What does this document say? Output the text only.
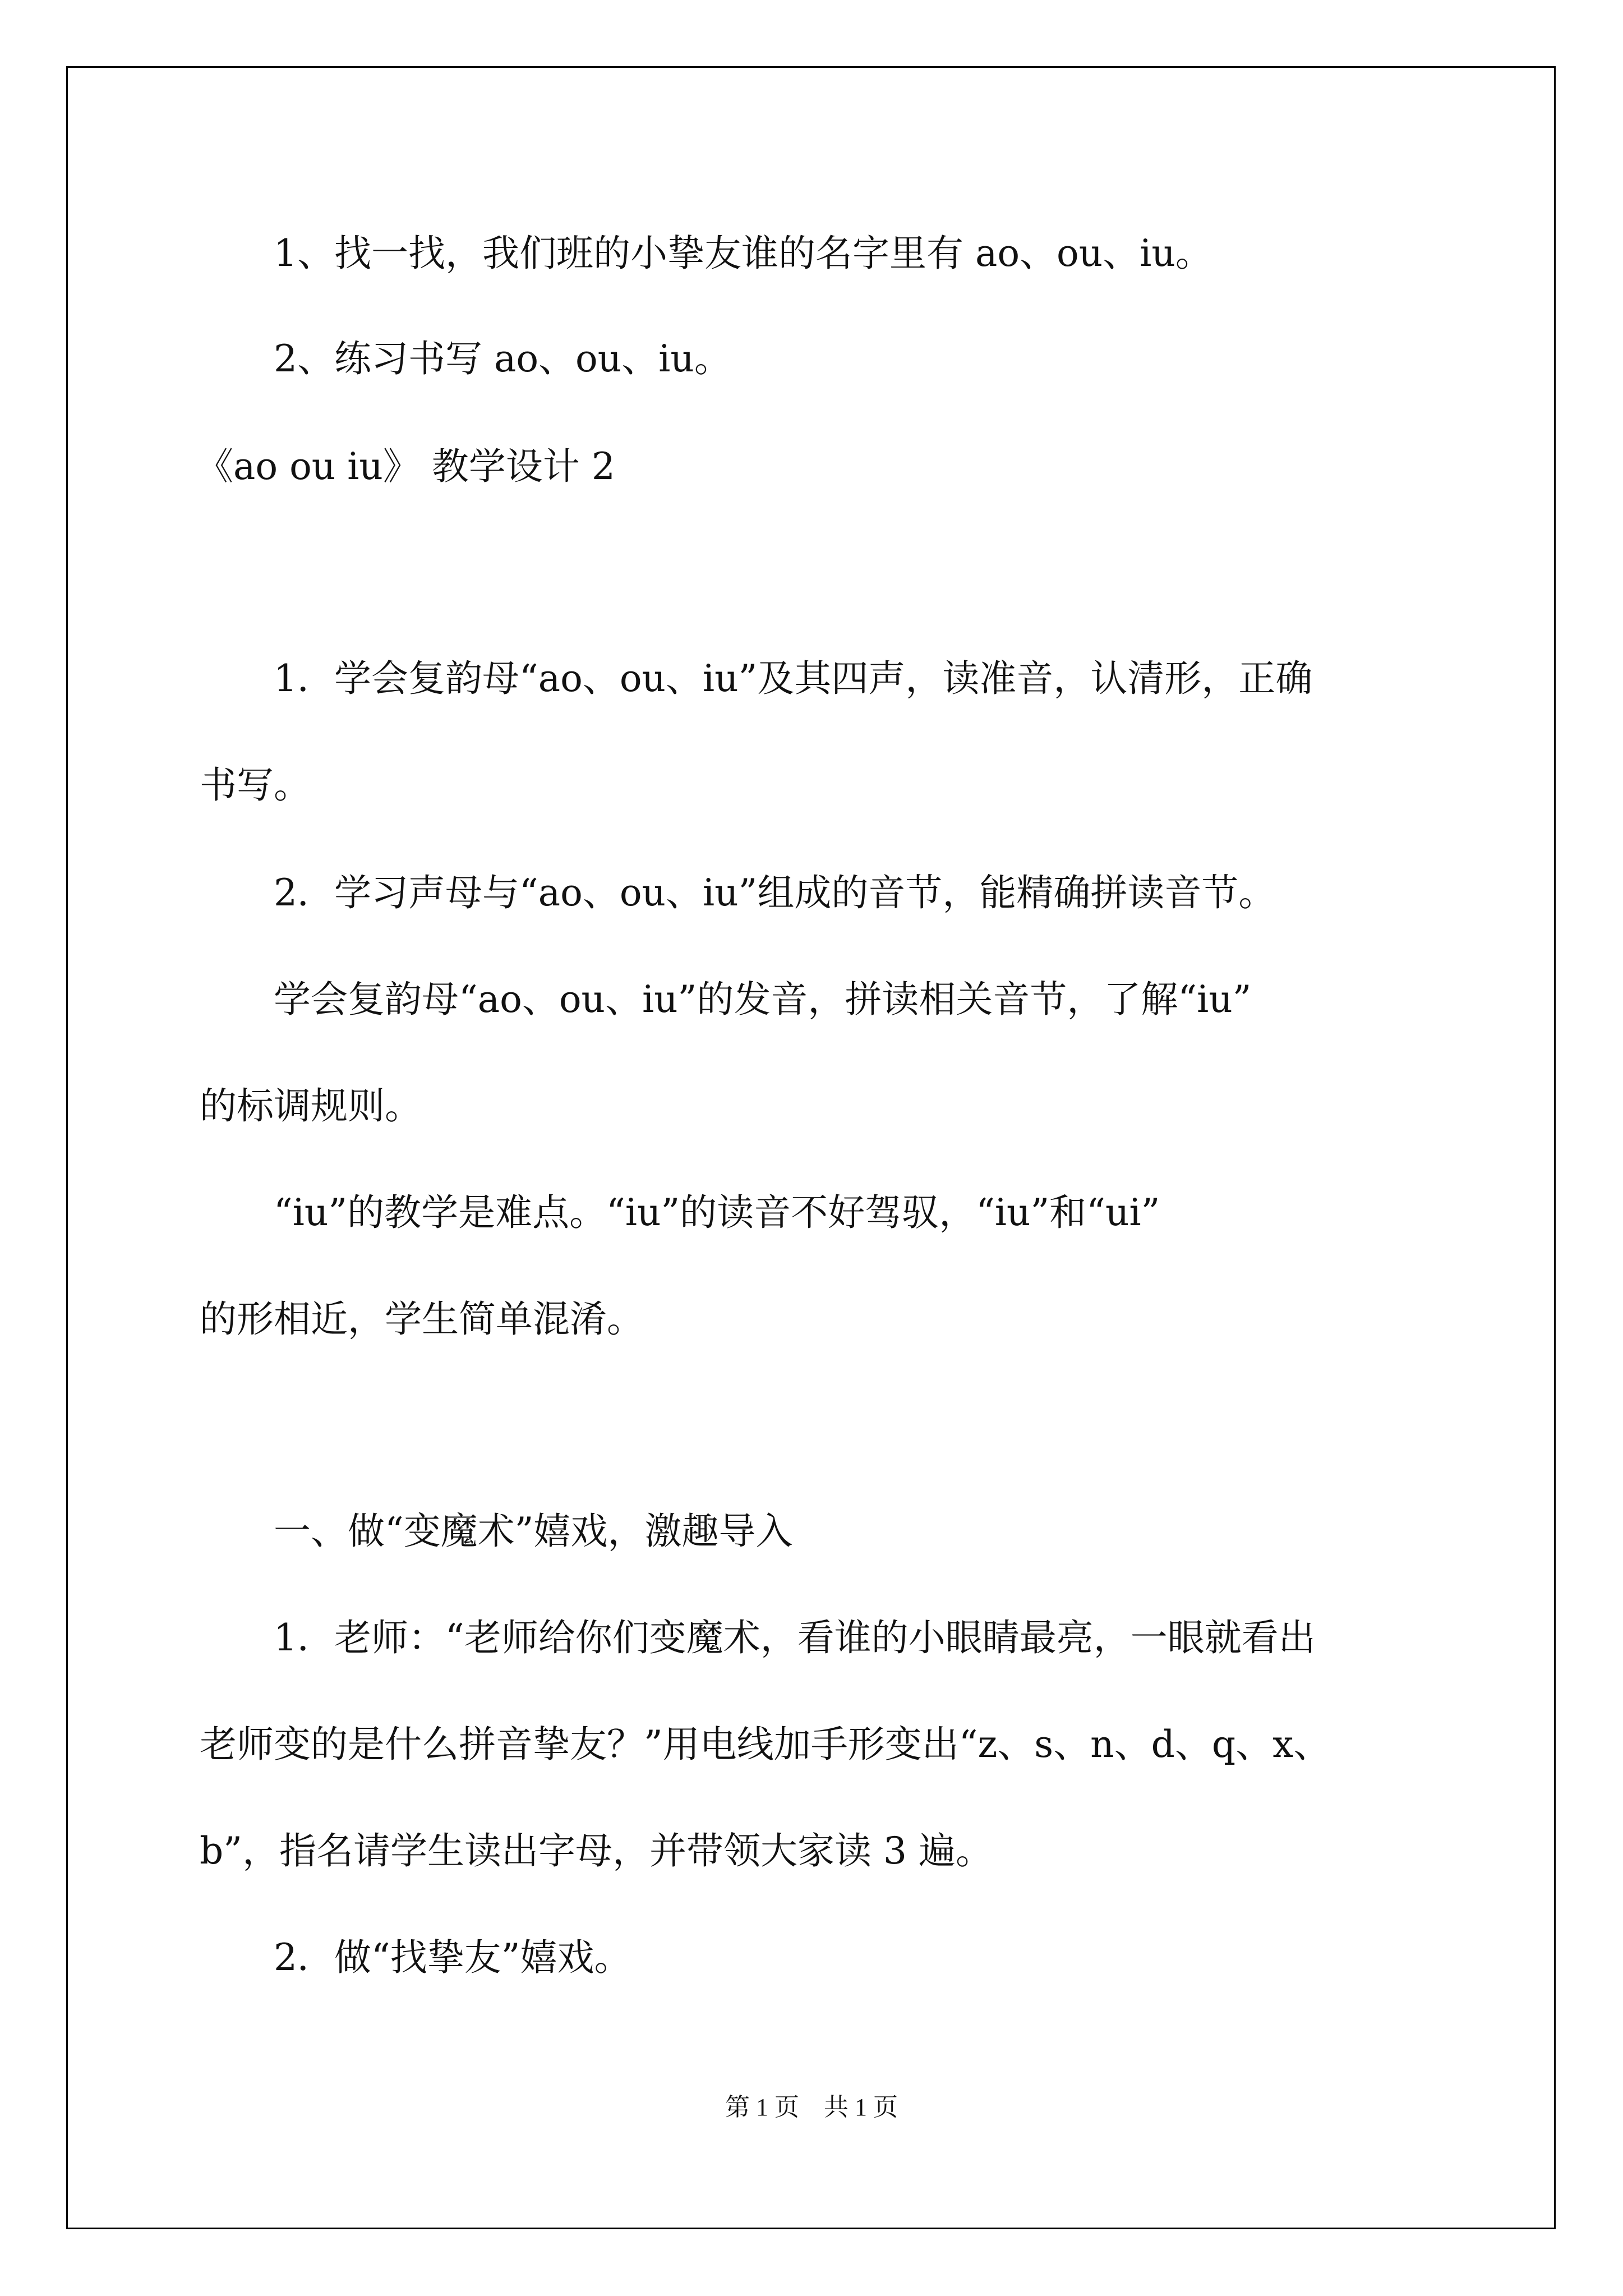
1、找一找，我们班的小挚友谁的名字里有 ao、ou、iu。

2、练习书写 ao、ou、iu。

《ao ou iu》 教学设计 2

1．学会复韵母“ao、ou、iu”及其四声，读准音，认清形，正确

书写。

2．学习声母与“ao、ou、iu”组成的音节，能精确拼读音节。

学会复韵母“ao、ou、iu”的发音，拼读相关音节，了解“iu”

的标调规则。

“iu”的教学是难点。“iu”的读音不好驾驭，“iu”和“ui”

的形相近，学生简单混淆。

一、做“变魔术”嬉戏，激趣导入

1．老师：“老师给你们变魔术，看谁的小眼睛最亮，一眼就看出

老师变的是什么拼音挚友？”用电线加手形变出“z、s、n、d、q、x、

b”，指名请学生读出字母，并带领大家读 3 遍。

2．做“找挚友”嬉戏。

第 1 页　共 1 页
